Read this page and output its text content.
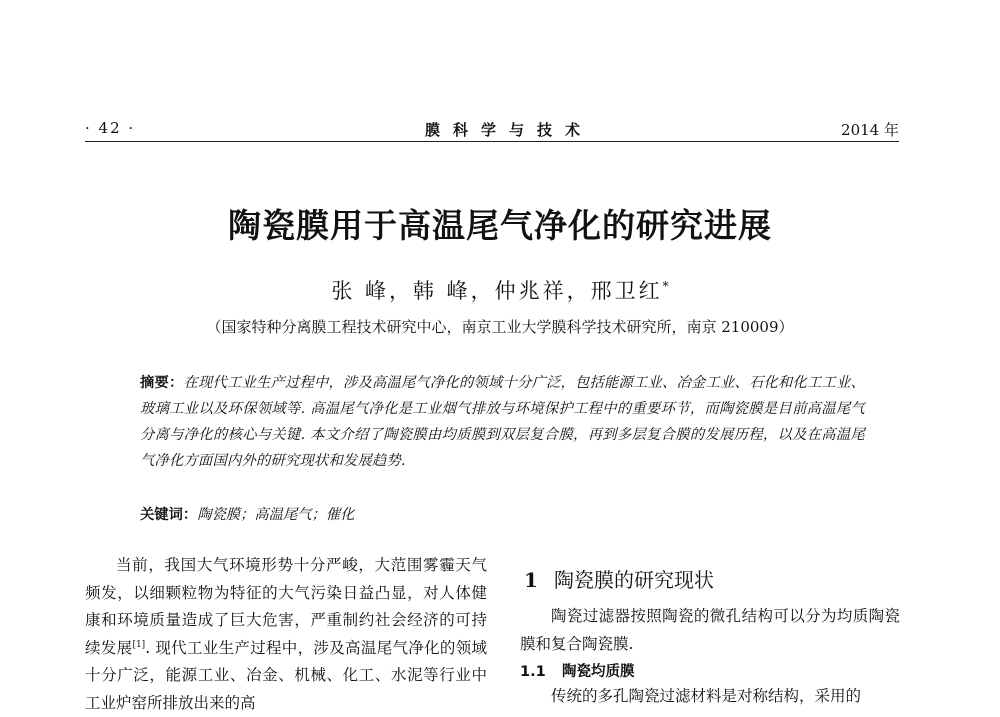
· 42 ·	膜科学与技术	2014 年
陶瓷膜用于高温尾气净化的研究进展
张 峰，韩 峰，仲兆祥，邢卫红*
（国家特种分离膜工程技术研究中心，南京工业大学膜科学技术研究所，南京 210009）
摘要：在现代工业生产过程中，涉及高温尾气净化的领域十分广泛，包括能源工业、冶金工业、石化和化工工业、玻璃工业以及环保领域等. 高温尾气净化是工业烟气排放与环境保护工程中的重要环节，而陶瓷膜是目前高温尾气分离与净化的核心与关键. 本文介绍了陶瓷膜由均质膜到双层复合膜，再到多层复合膜的发展历程，以及在高温尾气净化方面国内外的研究现状和发展趋势.
关键词：陶瓷膜；高温尾气；催化
当前，我国大气环境形势十分严峻，大范围雾霾天气频发，以细颗粒物为特征的大气污染日益凸显，对人体健康和环境质量造成了巨大危害，严重制约社会经济的可持续发展[1]. 现代工业生产过程中，涉及高温尾气净化的领域十分广泛，能源工业、冶金、机械、化工、水泥等行业中工业炉窑所排放出来的高
1 陶瓷膜的研究现状
陶瓷过滤器按照陶瓷的微孔结构可以分为均质陶瓷膜和复合陶瓷膜.
1.1 陶瓷均质膜
传统的多孔陶瓷过滤材料是对称结构，采用的
